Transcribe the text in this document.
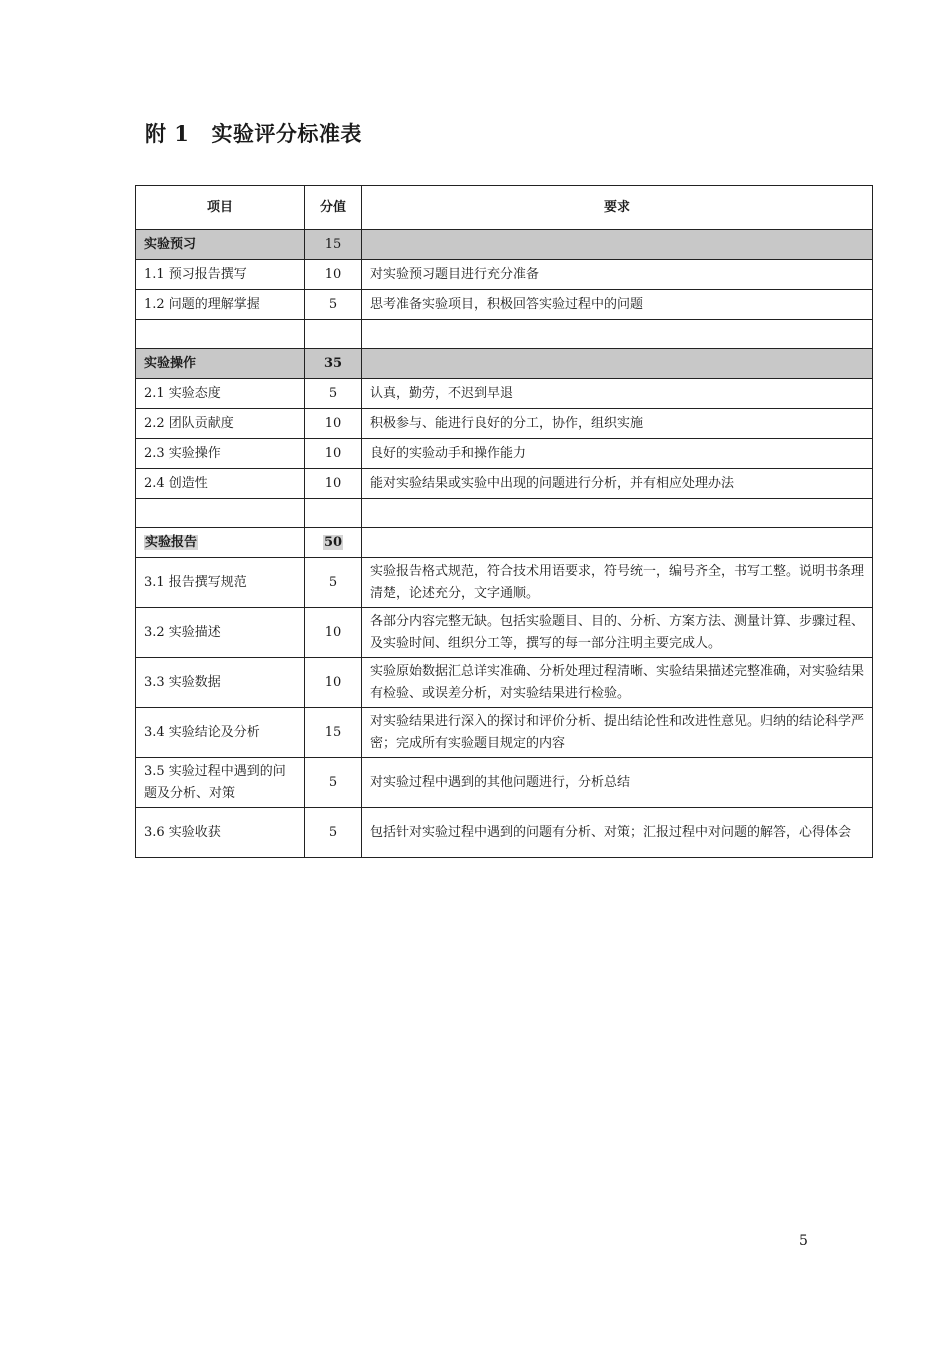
附 1 实验评分标准表
项目	分值	要求
实验预习	15	
1.1 预习报告撰写	10	对实验预习题目进行充分准备
1.2 问题的理解掌握	5	思考准备实验项目，积极回答实验过程中的问题

实验操作	35	
2.1 实验态度	5	认真，勤劳，不迟到早退
2.2 团队贡献度	10	积极参与、能进行良好的分工，协作，组织实施
2.3 实验操作	10	良好的实验动手和操作能力
2.4 创造性	10	能对实验结果或实验中出现的问题进行分析，并有相应处理办法

实验报告	50	
3.1 报告撰写规范	5	实验报告格式规范，符合技术用语要求，符号统一，编号齐全，书写工整。说明书条理清楚，论述充分，文字通顺。
3.2 实验描述	10	各部分内容完整无缺。包括实验题目、目的、分析、方案方法、测量计算、步骤过程、及实验时间、组织分工等，撰写的每一部分注明主要完成人。
3.3 实验数据	10	实验原始数据汇总详实准确、分析处理过程清晰、实验结果描述完整准确，对实验结果有检验、或误差分析，对实验结果进行检验。
3.4 实验结论及分析	15	对实验结果进行深入的探讨和评价分析、提出结论性和改进性意见。归纳的结论科学严密；完成所有实验题目规定的内容
3.5 实验过程中遇到的问题及分析、对策	5	对实验过程中遇到的其他问题进行，分析总结
3.6 实验收获	5	包括针对实验过程中遇到的问题有分析、对策；汇报过程中对问题的解答，心得体会
5
